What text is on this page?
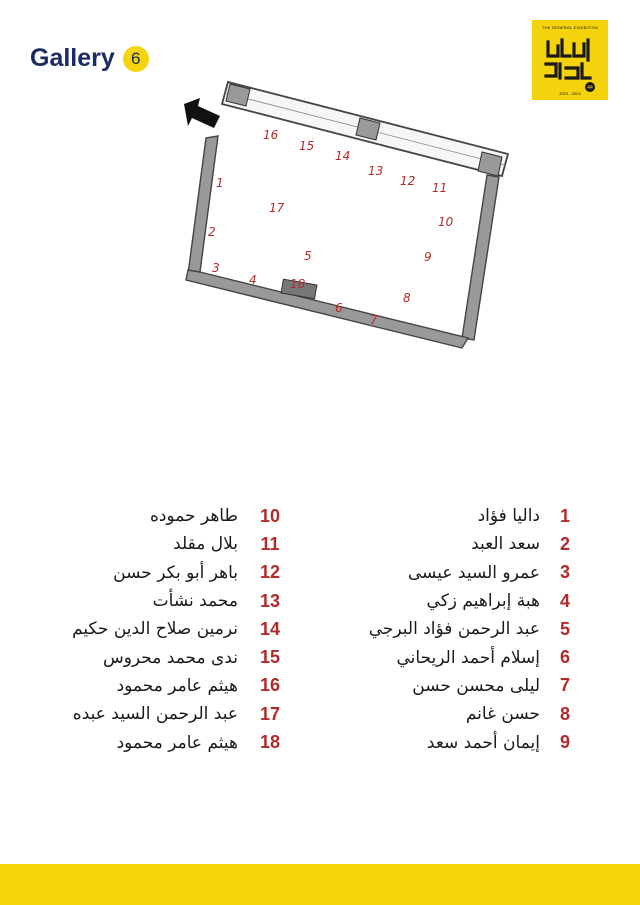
Gallery 6
THE GENERAL EXHIBITION
44
2023 - 2024
16
15
14
13
12 11
1
17
10
2
5	9
3
4	18
8
6
7
داليا فؤاد	1
سعد العبد	2
عمرو السيد عيسى	3
هبة إبراهيم زكي	4
عبد الرحمن فؤاد البرجي	5
إسلام أحمد الريحاني	6
ليلى محسن حسن	7
حسن غانم	8
إيمان أحمد سعد	9
طاهر حموده	10
بلال مقلد	11
باهر أبو بكر حسن	12
محمد نشأت	13
نرمين صلاح الدين حكيم	14
ندى محمد محروس	15
هيثم عامر محمود	16
عبد الرحمن السيد عبده	17
هيثم عامر محمود	18
